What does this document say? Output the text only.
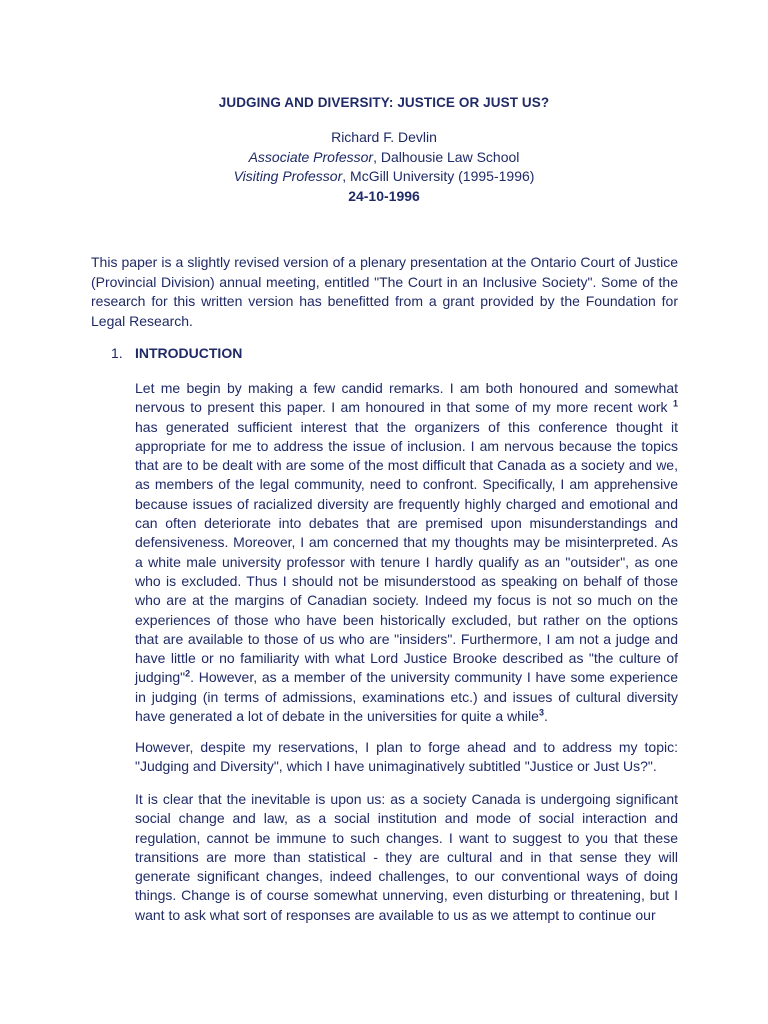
JUDGING AND DIVERSITY: JUSTICE OR JUST US?
Richard F. Devlin
Associate Professor, Dalhousie Law School
Visiting Professor, McGill University (1995-1996)
24-10-1996

This paper is a slightly revised version of a plenary presentation at the Ontario Court of Justice (Provincial Division) annual meeting, entitled "The Court in an Inclusive Society". Some of the research for this written version has benefitted from a grant provided by the Foundation for Legal Research.

1. INTRODUCTION

Let me begin by making a few candid remarks. I am both honoured and somewhat nervous to present this paper. I am honoured in that some of my more recent work $^1$ has generated sufficient interest that the organizers of this conference thought it appropriate for me to address the issue of inclusion. I am nervous because the topics that are to be dealt with are some of the most difficult that Canada as a society and we, as members of the legal community, need to confront. Specifically, I am apprehensive because issues of racialized diversity are frequently highly charged and emotional and can often deteriorate into debates that are premised upon misunderstandings and defensiveness. Moreover, I am concerned that my thoughts may be misinterpreted. As a white male university professor with tenure I hardly qualify as an "outsider", as one who is excluded. Thus I should not be misunderstood as speaking on behalf of those who are at the margins of Canadian society. Indeed my focus is not so much on the experiences of those who have been historically excluded, but rather on the options that are available to those of us who are "insiders". Furthermore, I am not a judge and have little or no familiarity with what Lord Justice Brooke described as "the culture of judging"$^2$. However, as a member of the university community I have some experience in judging (in terms of admissions, examinations etc.) and issues of cultural diversity have generated a lot of debate in the universities for quite a while$^3$.

However, despite my reservations, I plan to forge ahead and to address my topic: "Judging and Diversity", which I have unimaginatively subtitled "Justice or Just Us?".

It is clear that the inevitable is upon us: as a society Canada is undergoing significant social change and law, as a social institution and mode of social interaction and regulation, cannot be immune to such changes. I want to suggest to you that these transitions are more than statistical - they are cultural and in that sense they will generate significant changes, indeed challenges, to our conventional ways of doing things. Change is of course somewhat unnerving, even disturbing or threatening, but I want to ask what sort of responses are available to us as we attempt to continue our
